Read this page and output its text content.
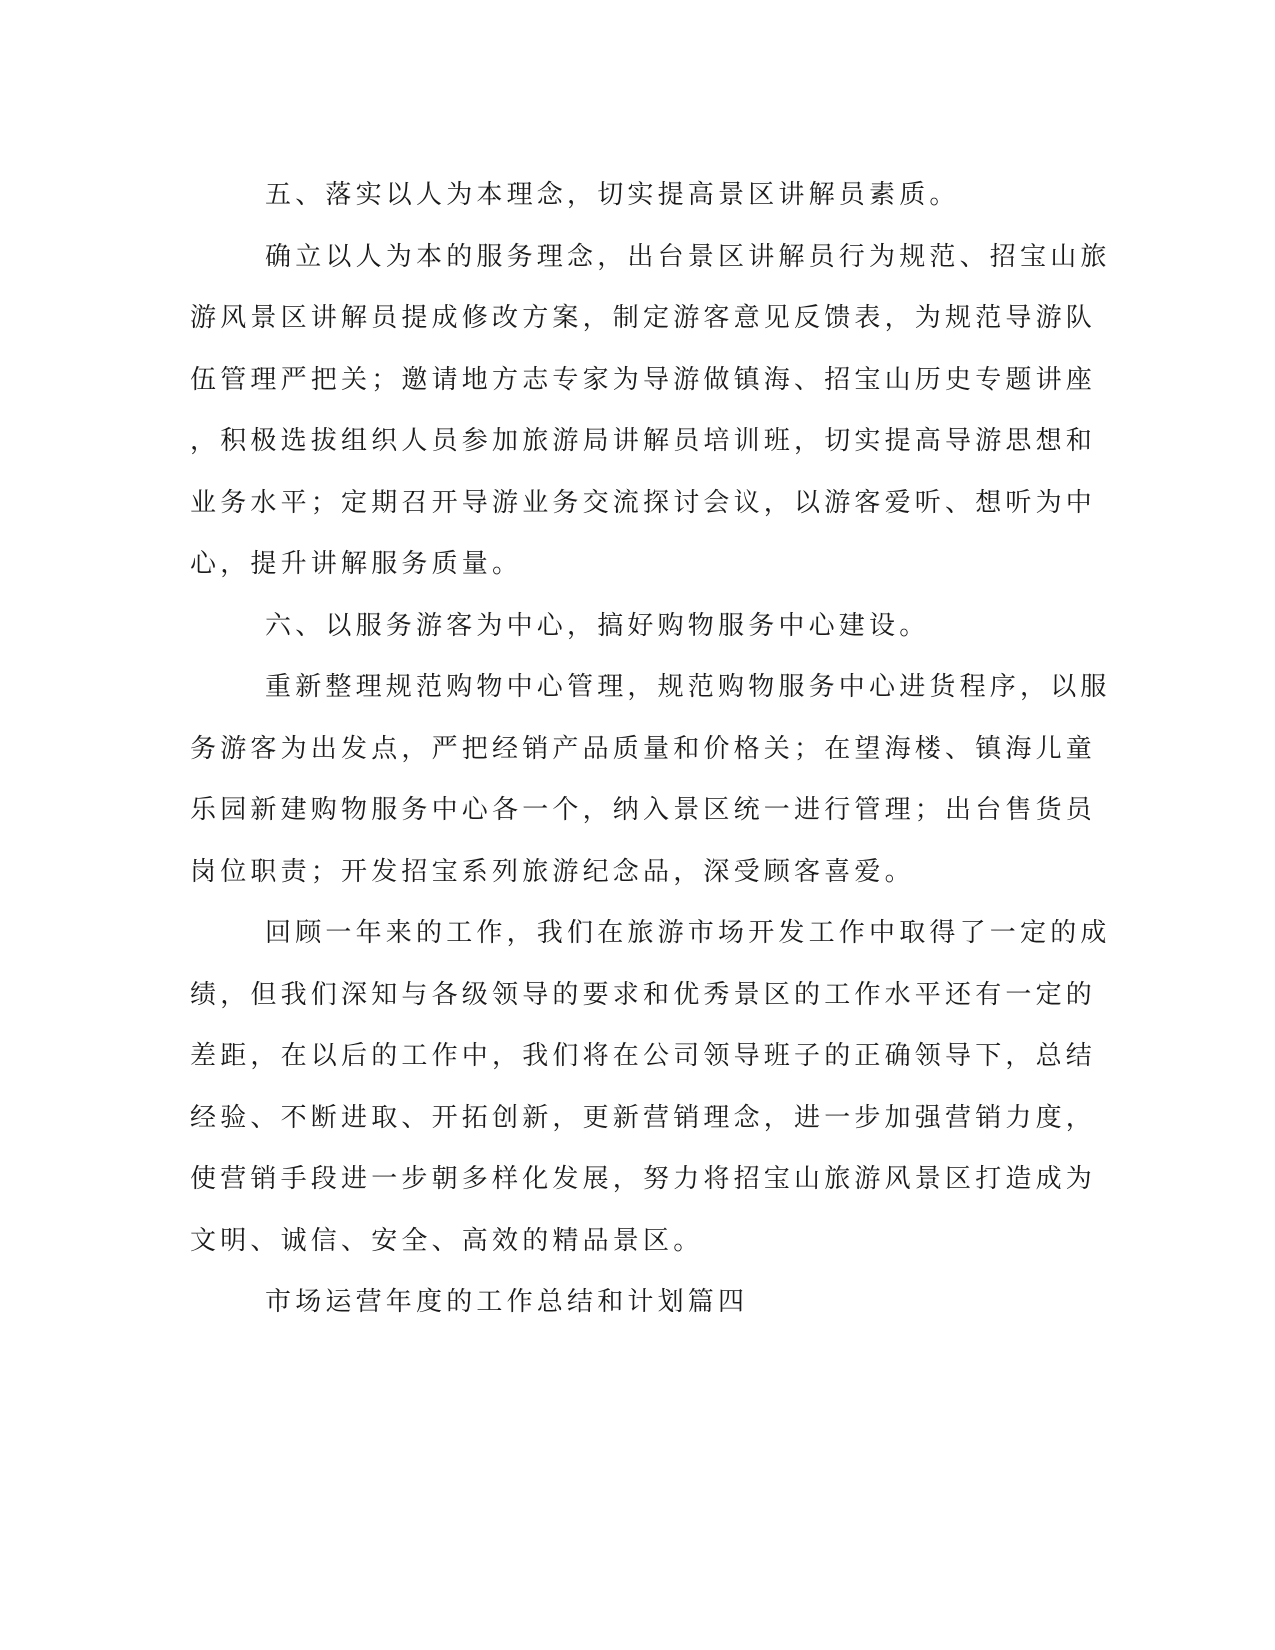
五、落实以人为本理念，切实提高景区讲解员素质。
确立以人为本的服务理念，出台景区讲解员行为规范、招宝山旅
游风景区讲解员提成修改方案，制定游客意见反馈表，为规范导游队
伍管理严把关；邀请地方志专家为导游做镇海、招宝山历史专题讲座
，积极选拔组织人员参加旅游局讲解员培训班，切实提高导游思想和
业务水平；定期召开导游业务交流探讨会议，以游客爱听、想听为中
心，提升讲解服务质量。
六、以服务游客为中心，搞好购物服务中心建设。
重新整理规范购物中心管理，规范购物服务中心进货程序，以服
务游客为出发点，严把经销产品质量和价格关；在望海楼、镇海儿童
乐园新建购物服务中心各一个，纳入景区统一进行管理；出台售货员
岗位职责；开发招宝系列旅游纪念品，深受顾客喜爱。
回顾一年来的工作，我们在旅游市场开发工作中取得了一定的成
绩，但我们深知与各级领导的要求和优秀景区的工作水平还有一定的
差距，在以后的工作中，我们将在公司领导班子的正确领导下，总结
经验、不断进取、开拓创新，更新营销理念，进一步加强营销力度，
使营销手段进一步朝多样化发展，努力将招宝山旅游风景区打造成为
文明、诚信、安全、高效的精品景区。
市场运营年度的工作总结和计划篇四
